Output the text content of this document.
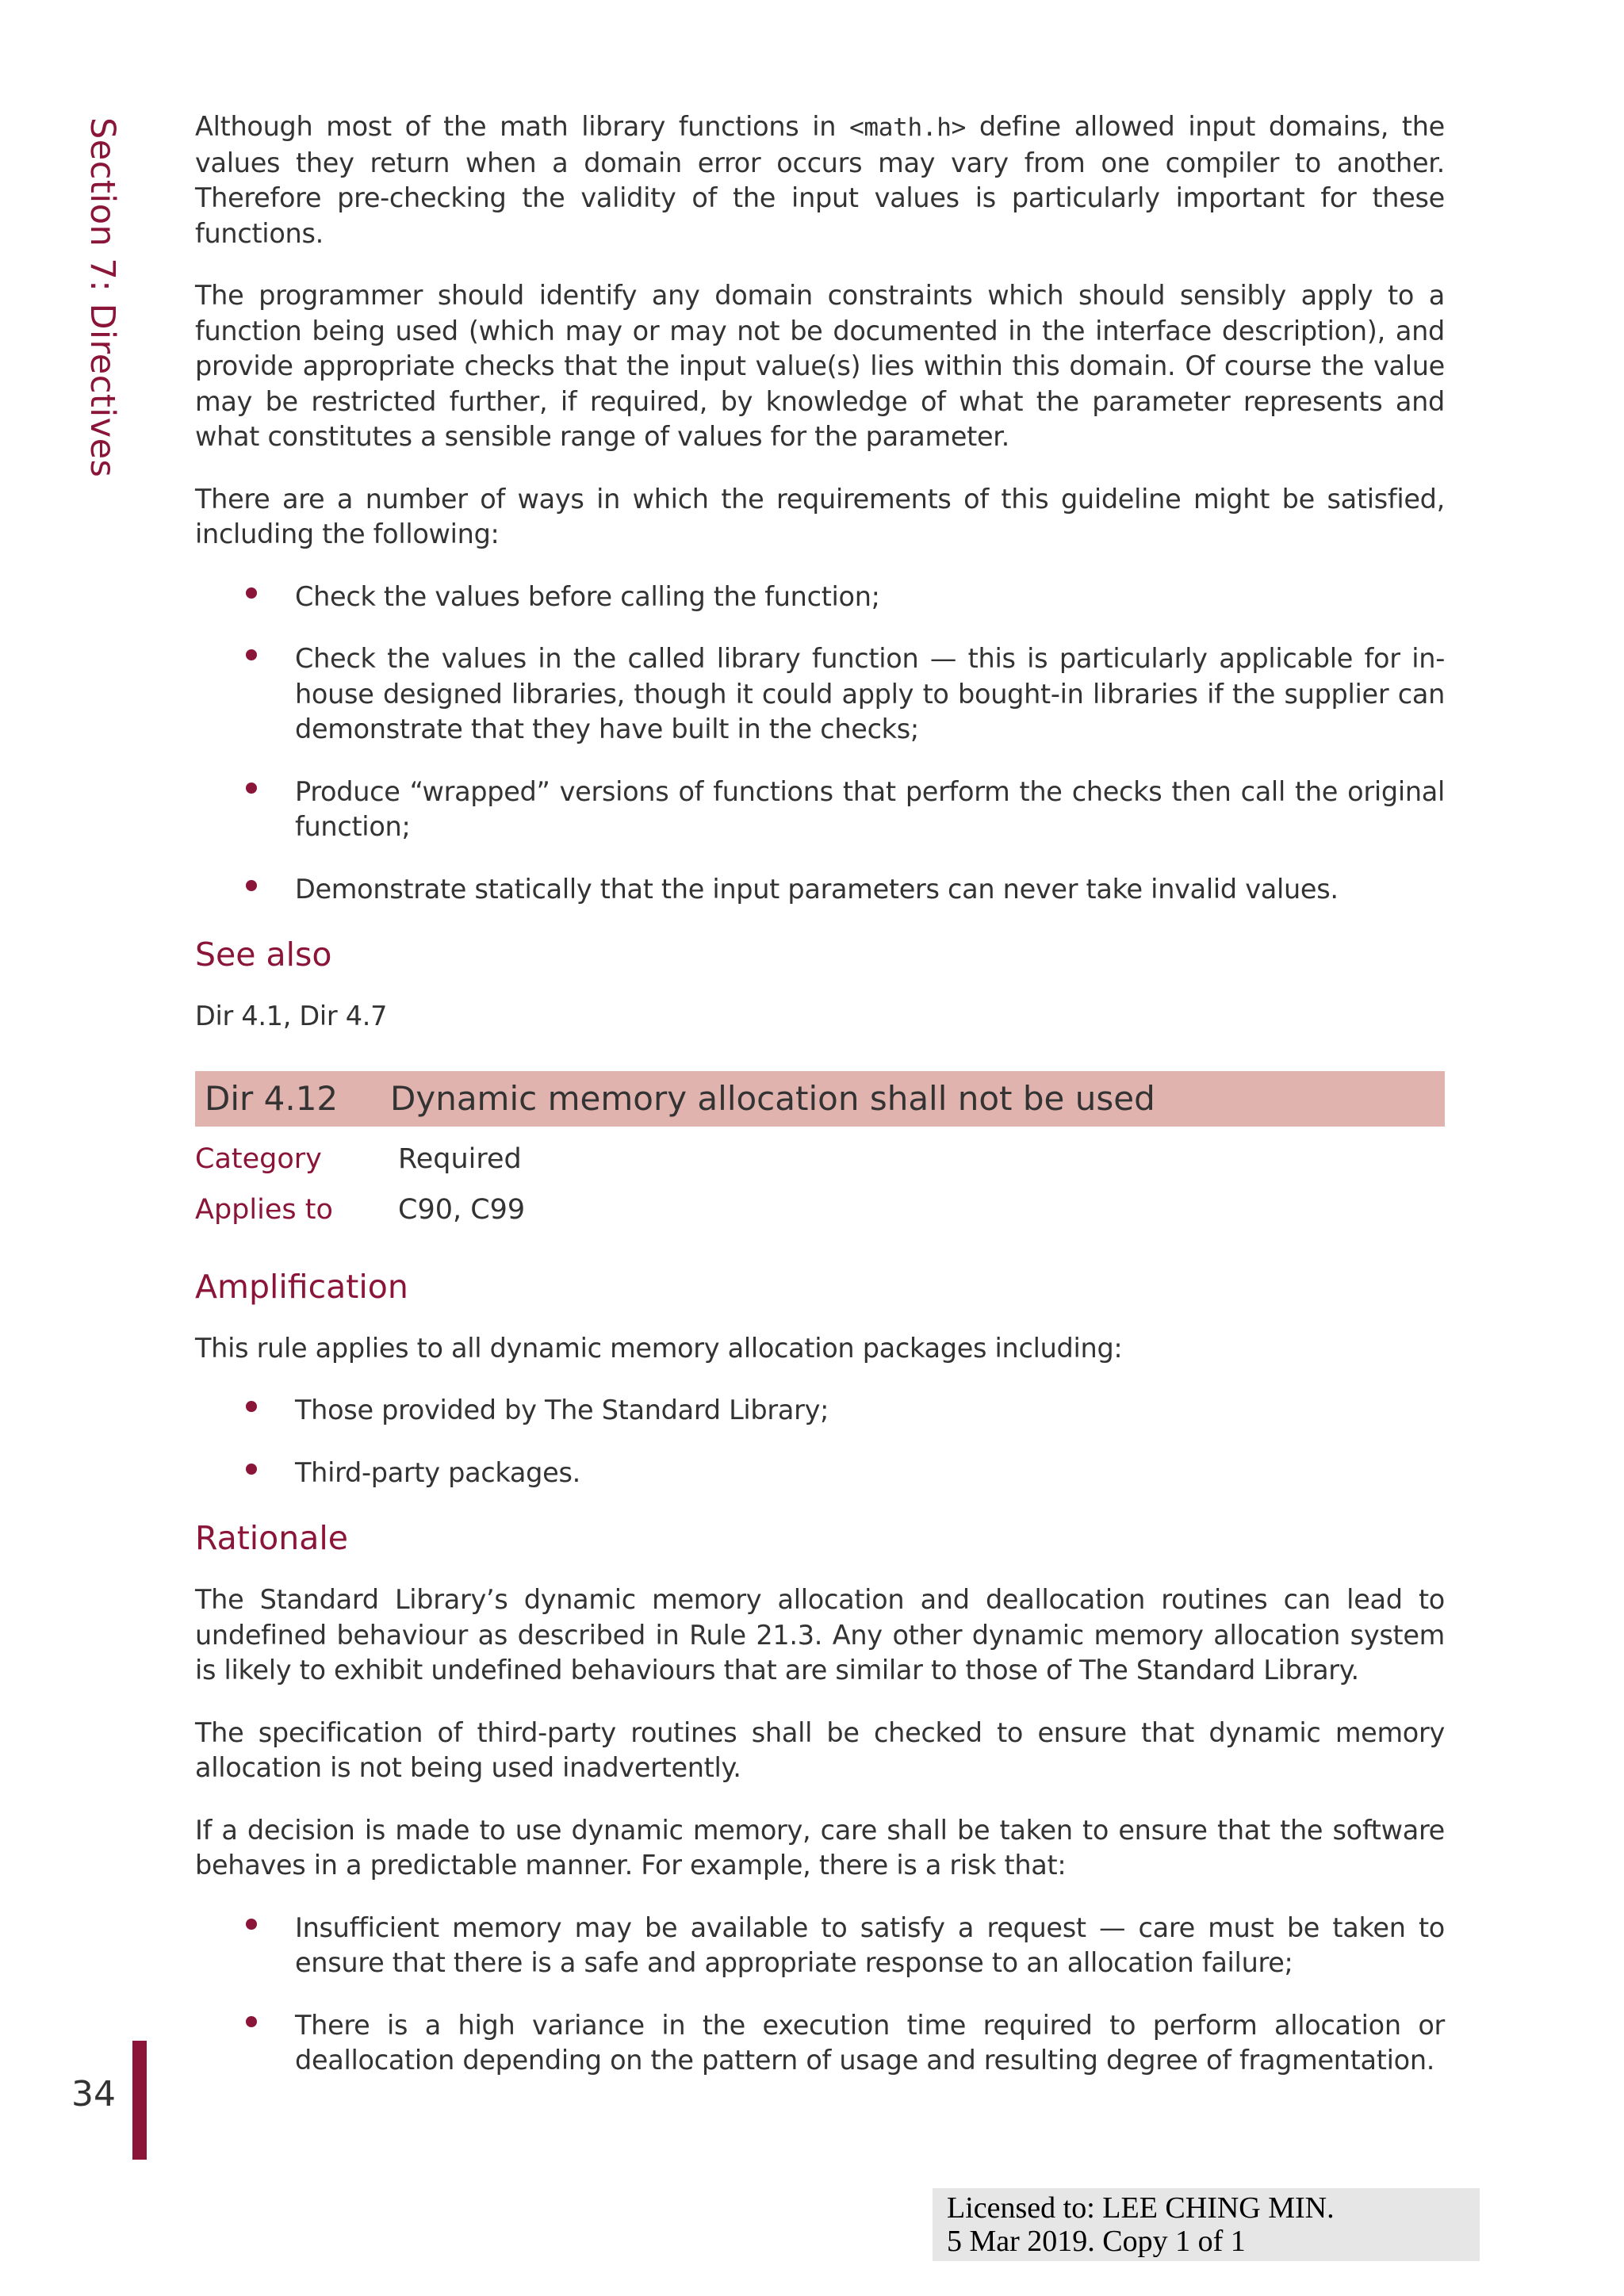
Section 7: Directives	Although most of the math library functions in <math.h> define allowed input domains, the values they return when a domain error occurs may vary from one compiler to another. Therefore pre-checking the validity of the input values is particularly important for these functions.

The programmer should identify any domain constraints which should sensibly apply to a function being used (which may or may not be documented in the interface description), and provide appropriate checks that the input value(s) lies within this domain. Of course the value may be restricted further, if required, by knowledge of what the parameter represents and what constitutes a sensible range of values for the parameter.

There are a number of ways in which the requirements of this guideline might be satisfied, including the following:

Check the values before calling the function;
Check the values in the called library function — this is particularly applicable for in-house designed libraries, though it could apply to bought-in libraries if the supplier can demonstrate that they have built in the checks;
Produce “wrapped” versions of functions that perform the checks then call the original function;
Demonstrate statically that the input parameters can never take invalid values.
See also

Dir 4.1, Dir 4.7

Dir 4.12	Dynamic memory allocation shall not be used
Category	Required
Applies to	C90, C99
Amplification

This rule applies to all dynamic memory allocation packages including:

Those provided by The Standard Library;
Third-party packages.
Rationale

The Standard Library’s dynamic memory allocation and deallocation routines can lead to undefined behaviour as described in Rule 21.3. Any other dynamic memory allocation system is likely to exhibit undefined behaviours that are similar to those of The Standard Library.

The specification of third-party routines shall be checked to ensure that dynamic memory allocation is not being used inadvertently.

If a decision is made to use dynamic memory, care shall be taken to ensure that the software behaves in a predictable manner. For example, there is a risk that:

Insufficient memory may be available to satisfy a request — care must be taken to ensure that there is a safe and appropriate response to an allocation failure;
There is a high variance in the execution time required to perform allocation or deallocation depending on the pattern of usage and resulting degree of fragmentation.
34
Licensed to: LEE CHING MIN.
5 Mar 2019. Copy 1 of 1
